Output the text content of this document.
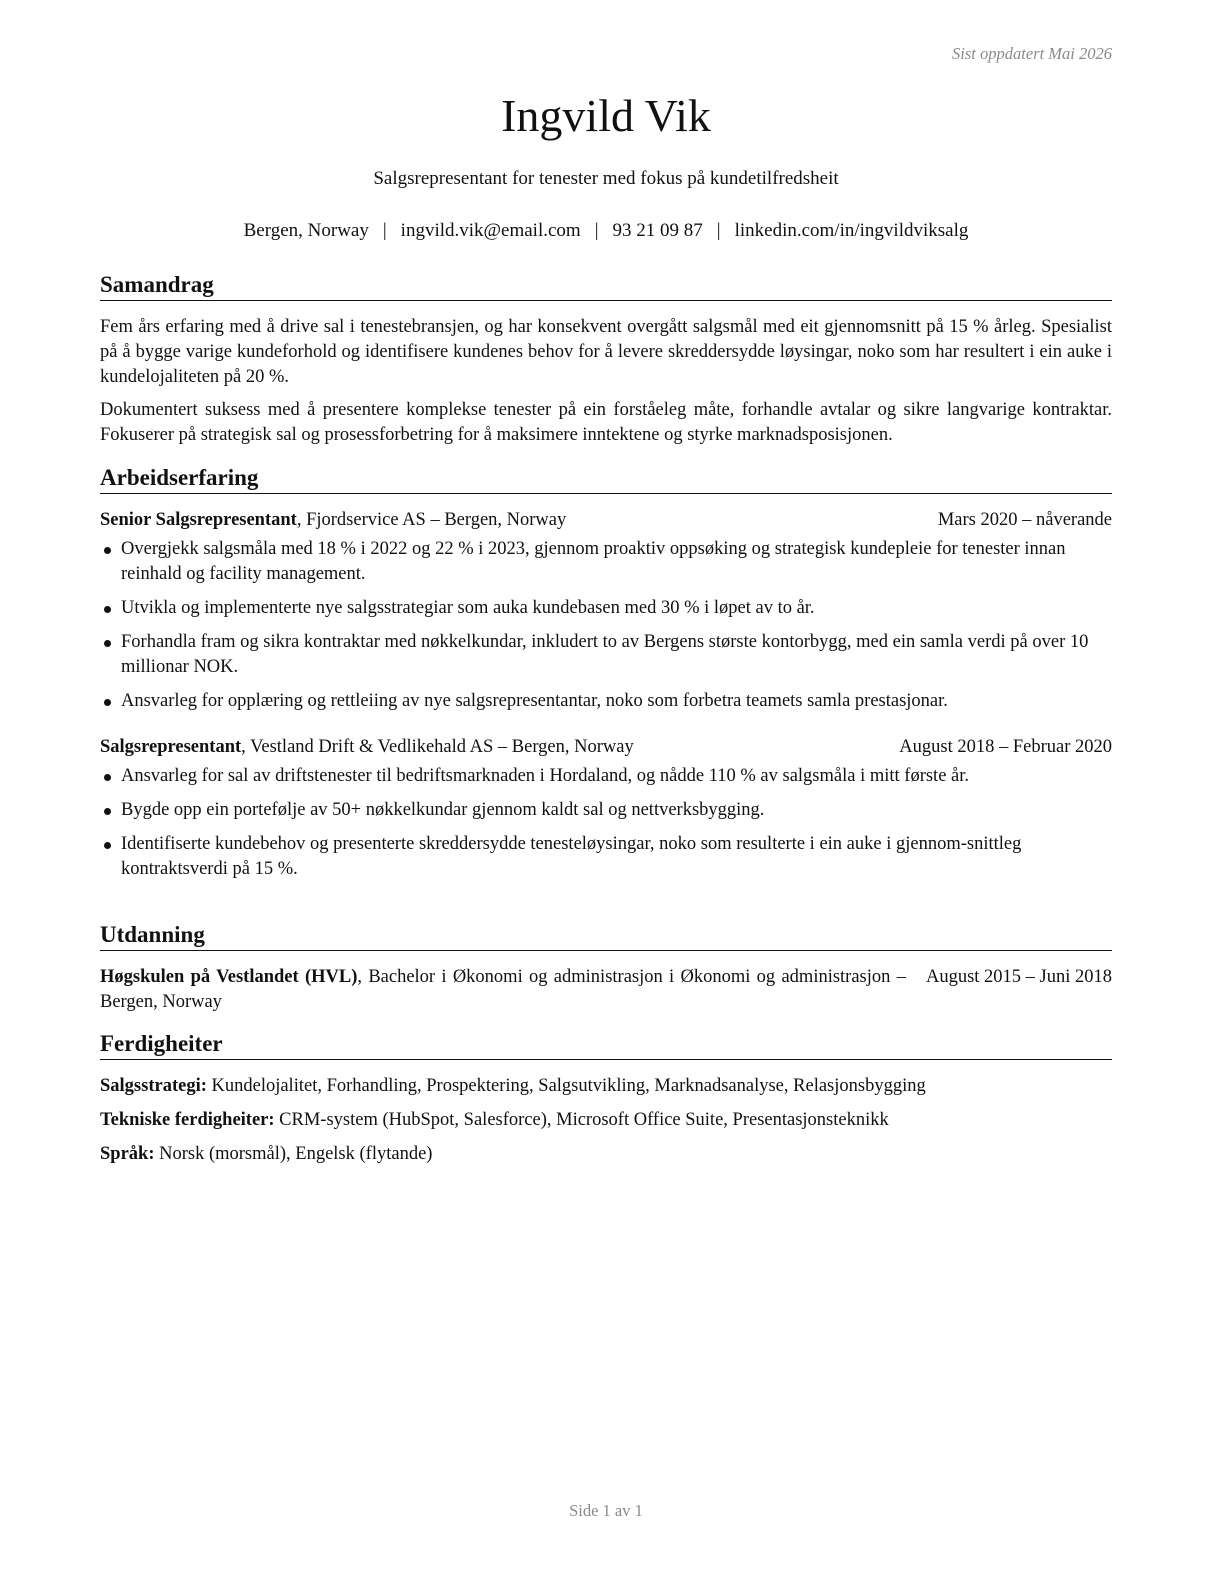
Sist oppdatert Mai 2026
Ingvild Vik
Salgsrepresentant for tenester med fokus på kundetilfredsheit
Bergen, Norway | ingvild.vik@email.com | 93 21 09 87 | linkedin.com/in/ingvildviksalg
Samandrag

Fem års erfaring med å drive sal i tenestebransjen, og har konsekvent overgått salgsmål med eit gjennomsnitt på 15 % årleg. Spesialist på å bygge varige kundeforhold og identifisere kundenes behov for å levere skreddersydde løysingar, noko som har resultert i ein auke i kundelojaliteten på 20 %.

Dokumentert suksess med å presentere komplekse tenester på ein forståeleg måte, forhandle avtalar og sikre langvarige kontraktar. Fokuserer på strategisk sal og prosessforbetring for å maksimere inntektene og styrke marknadsposisjonen.

Arbeidserfaring
Senior Salgsrepresentant, Fjordservice AS – Bergen, Norway	Mars 2020 – nåverande
Overgjekk salgsmåla med 18 % i 2022 og 22 % i 2023, gjennom proaktiv oppsøking og strategisk kundepleie for tenester innan reinhald og facility management.
Utvikla og implementerte nye salgsstrategiar som auka kundebasen med 30 % i løpet av to år.
Forhandla fram og sikra kontraktar med nøkkelkundar, inkludert to av Bergens største kontorbygg, med ein samla verdi på over 10 millionar NOK.
Ansvarleg for opplæring og rettleiing av nye salgsrepresentantar, noko som forbetra teamets samla prestasjonar.
Salgsrepresentant, Vestland Drift & Vedlikehald AS – Bergen, Norway	August 2018 – Februar 2020
Ansvarleg for sal av driftstenester til bedriftsmarknaden i Hordaland, og nådde 110 % av salgsmåla i mitt første år.
Bygde opp ein portefølje av 50+ nøkkelkundar gjennom kaldt sal og nettverksbygging.
Identifiserte kundebehov og presenterte skreddersydde tenesteløysingar, noko som resulterte i ein auke i gjennom-snittleg kontraktsverdi på 15 %.
Utdanning
Høgskulen på Vestlandet (HVL), Bachelor i Økonomi og administrasjon i Økonomi og administrasjon – Bergen, Norway
August 2015 – Juni 2018
Ferdigheiter
Salgsstrategi: Kundelojalitet, Forhandling, Prospektering, Salgsutvikling, Marknadsanalyse, Relasjonsbygging
Tekniske ferdigheiter: CRM-system (HubSpot, Salesforce), Microsoft Office Suite, Presentasjonsteknikk
Språk: Norsk (morsmål), Engelsk (flytande)
Side 1 av 1
